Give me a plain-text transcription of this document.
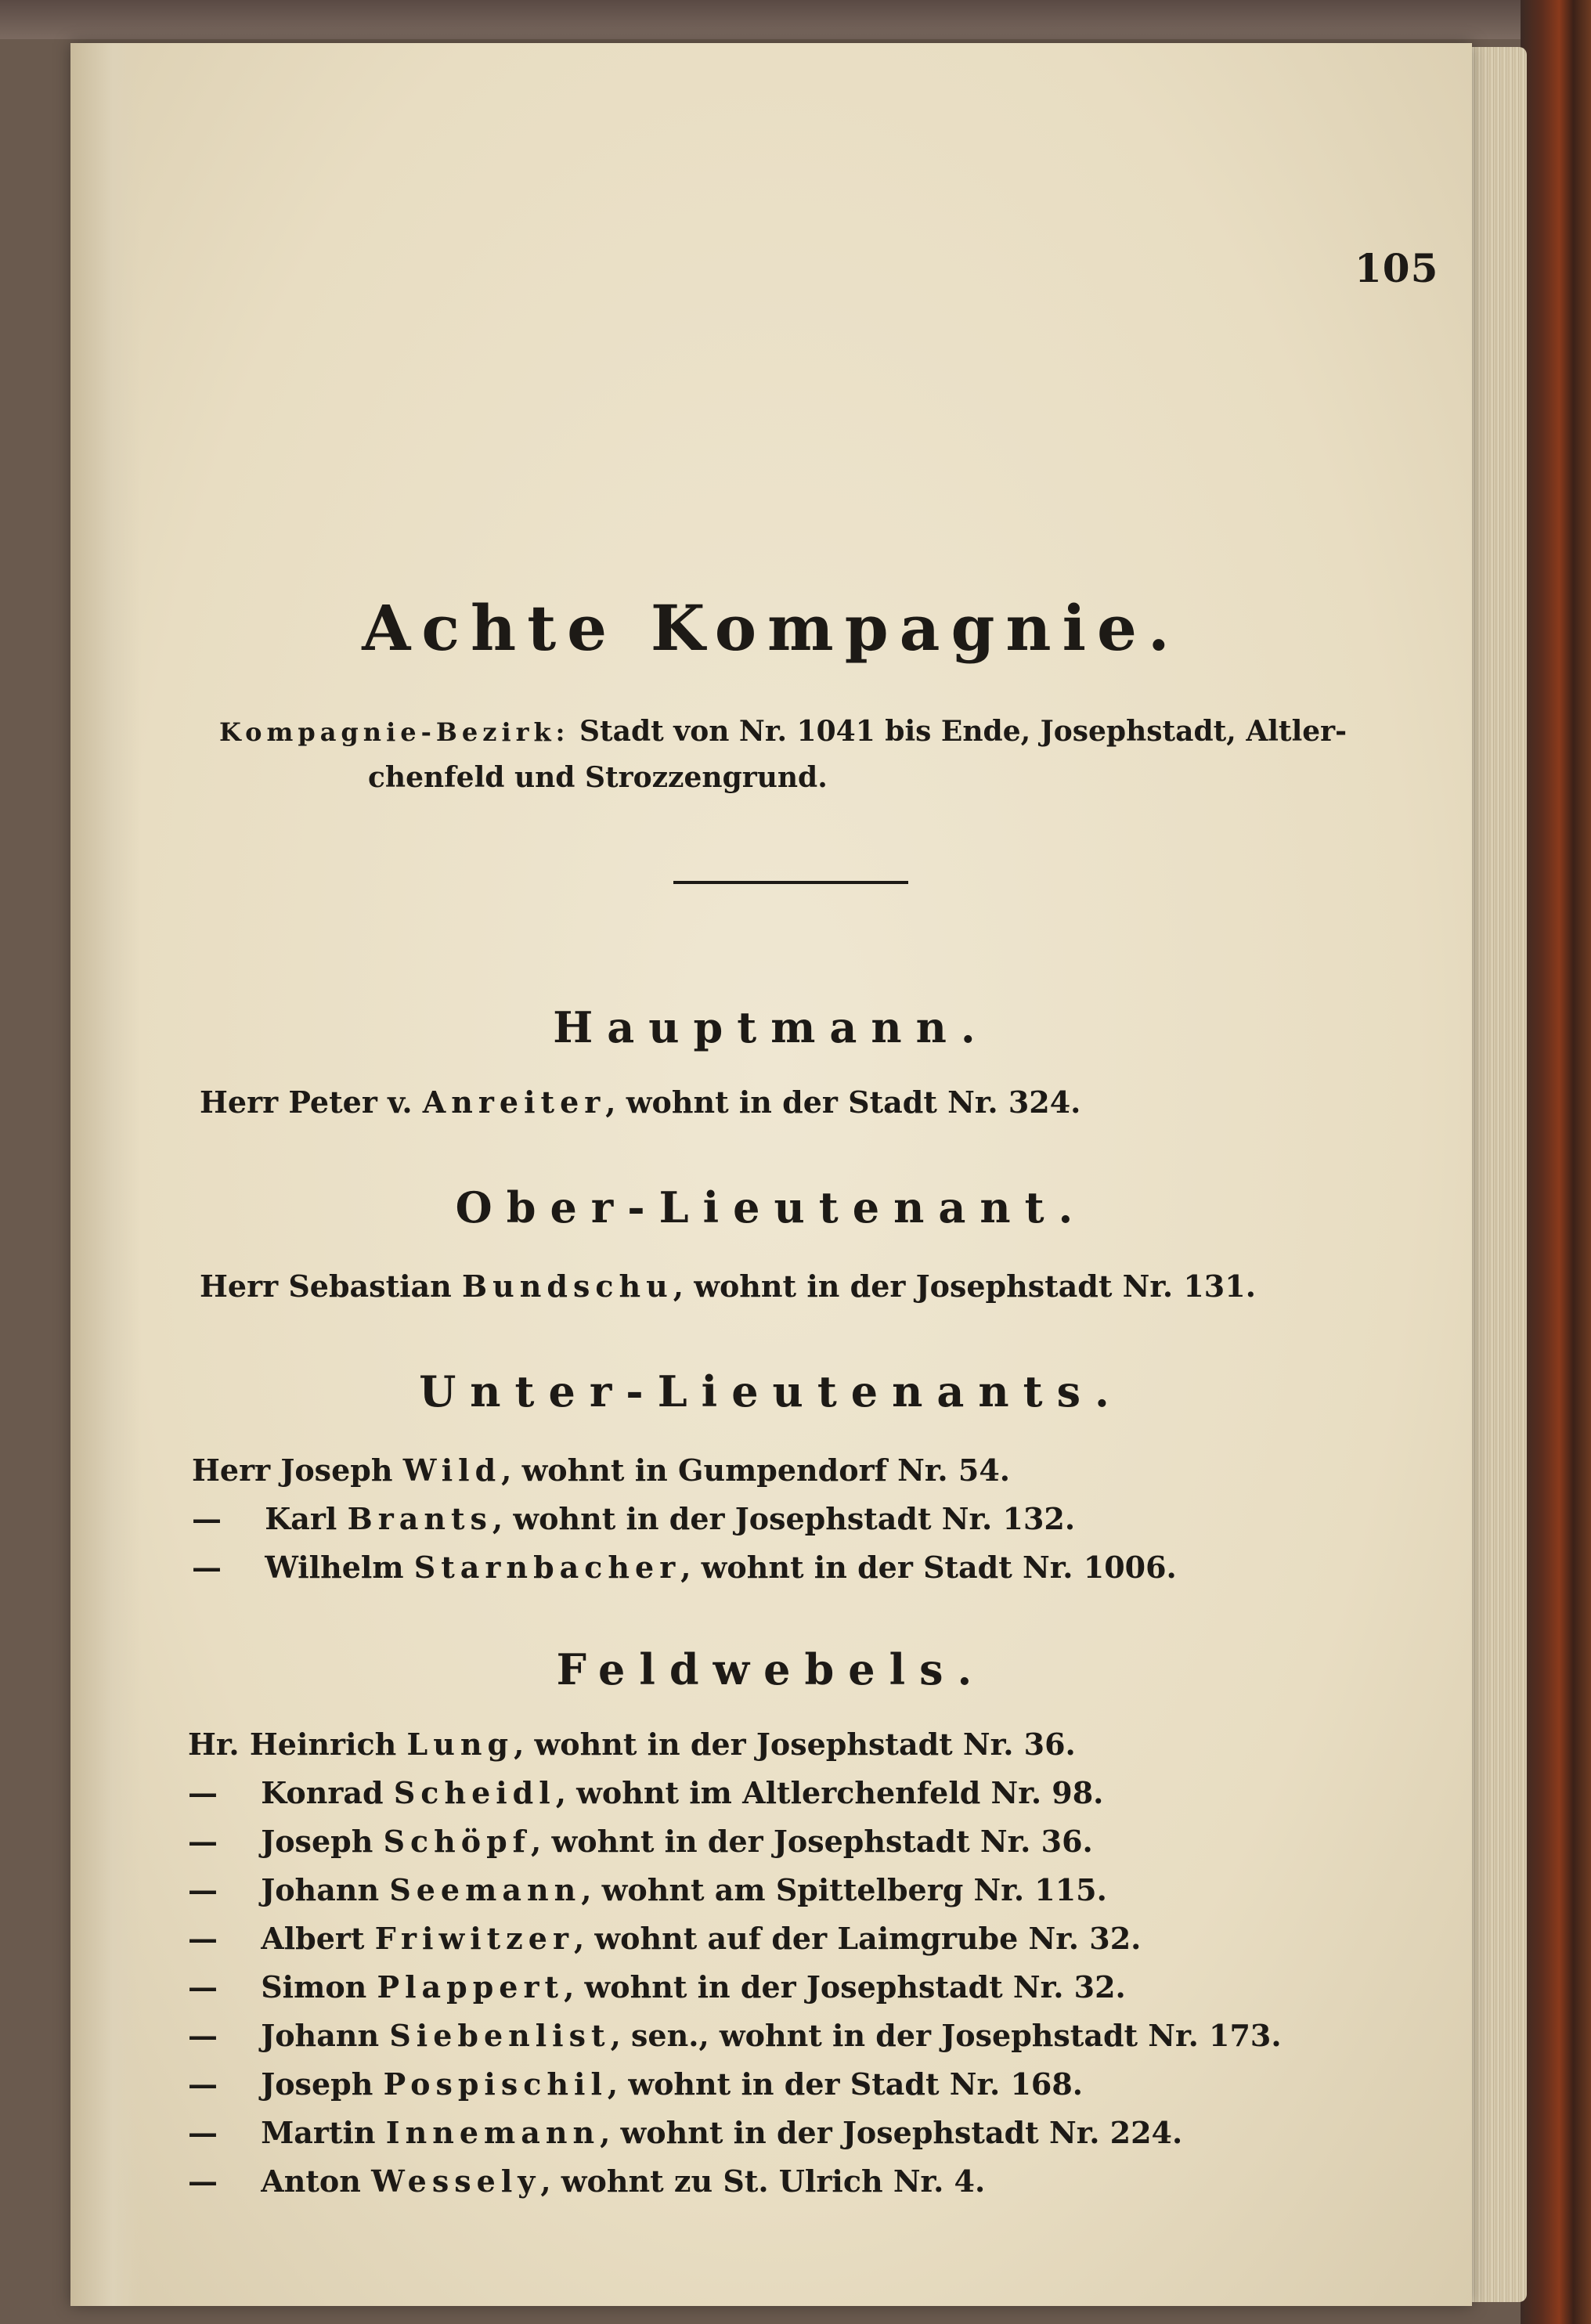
105
Achte Kompagnie.
Kompagnie-Bezirk: Stadt von Nr. 1041 bis Ende, Josephstadt, Altler-
chenfeld und Strozzengrund.
Hauptmann.
Herr Peter v. Anreiter, wohnt in der Stadt Nr. 324.
Ober-Lieutenant.
Herr Sebastian Bundschu, wohnt in der Josephstadt Nr. 131.
Unter-Lieutenants.
Herr Joseph Wild, wohnt in Gumpendorf Nr. 54.
— Karl Brants, wohnt in der Josephstadt Nr. 132.
— Wilhelm Starnbacher, wohnt in der Stadt Nr. 1006.
Feldwebels.
Hr. Heinrich Lung, wohnt in der Josephstadt Nr. 36.
— Konrad Scheidl, wohnt im Altlerchenfeld Nr. 98.
— Joseph Schöpf, wohnt in der Josephstadt Nr. 36.
— Johann Seemann, wohnt am Spittelberg Nr. 115.
— Albert Friwitzer, wohnt auf der Laimgrube Nr. 32.
— Simon Plappert, wohnt in der Josephstadt Nr. 32.
— Johann Siebenlist, sen., wohnt in der Josephstadt Nr. 173.
— Joseph Pospischil, wohnt in der Stadt Nr. 168.
— Martin Innemann, wohnt in der Josephstadt Nr. 224.
— Anton Wessely, wohnt zu St. Ulrich Nr. 4.
